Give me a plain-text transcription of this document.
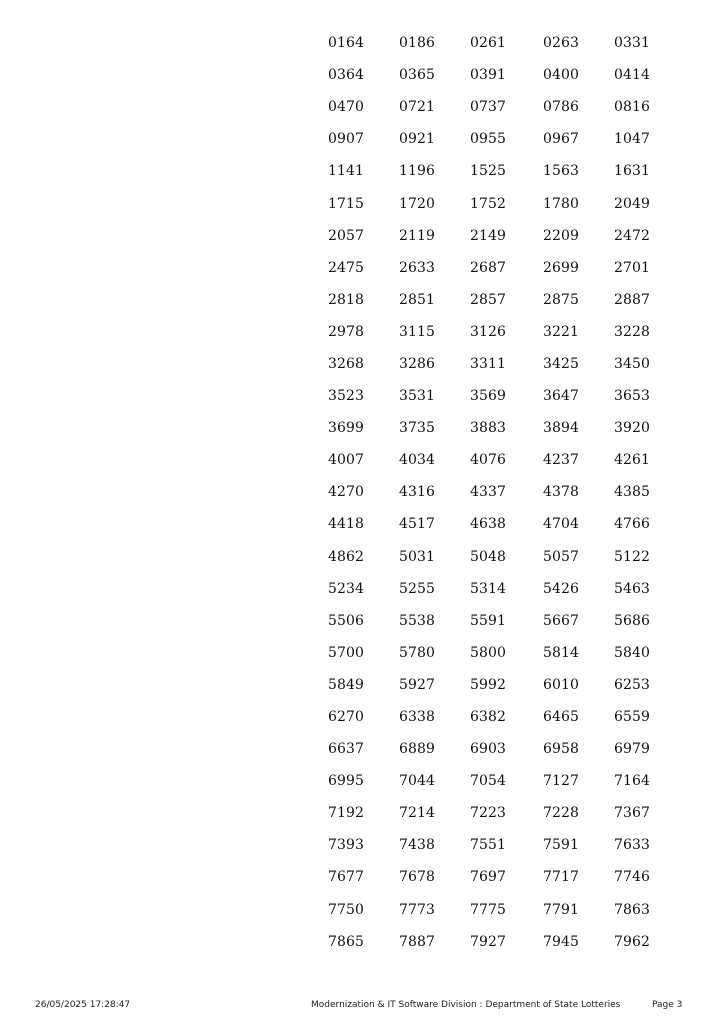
0164	0186	0261	0263	0331
0364	0365	0391	0400	0414
0470	0721	0737	0786	0816
0907	0921	0955	0967	1047
1141	1196	1525	1563	1631
1715	1720	1752	1780	2049
2057	2119	2149	2209	2472
2475	2633	2687	2699	2701
2818	2851	2857	2875	2887
2978	3115	3126	3221	3228
3268	3286	3311	3425	3450
3523	3531	3569	3647	3653
3699	3735	3883	3894	3920
4007	4034	4076	4237	4261
4270	4316	4337	4378	4385
4418	4517	4638	4704	4766
4862	5031	5048	5057	5122
5234	5255	5314	5426	5463
5506	5538	5591	5667	5686
5700	5780	5800	5814	5840
5849	5927	5992	6010	6253
6270	6338	6382	6465	6559
6637	6889	6903	6958	6979
6995	7044	7054	7127	7164
7192	7214	7223	7228	7367
7393	7438	7551	7591	7633
7677	7678	7697	7717	7746
7750	7773	7775	7791	7863
7865	7887	7927	7945	7962
26/05/2025 17:28:47	Modernization & IT Software Division : Department of State Lotteries	Page 3
